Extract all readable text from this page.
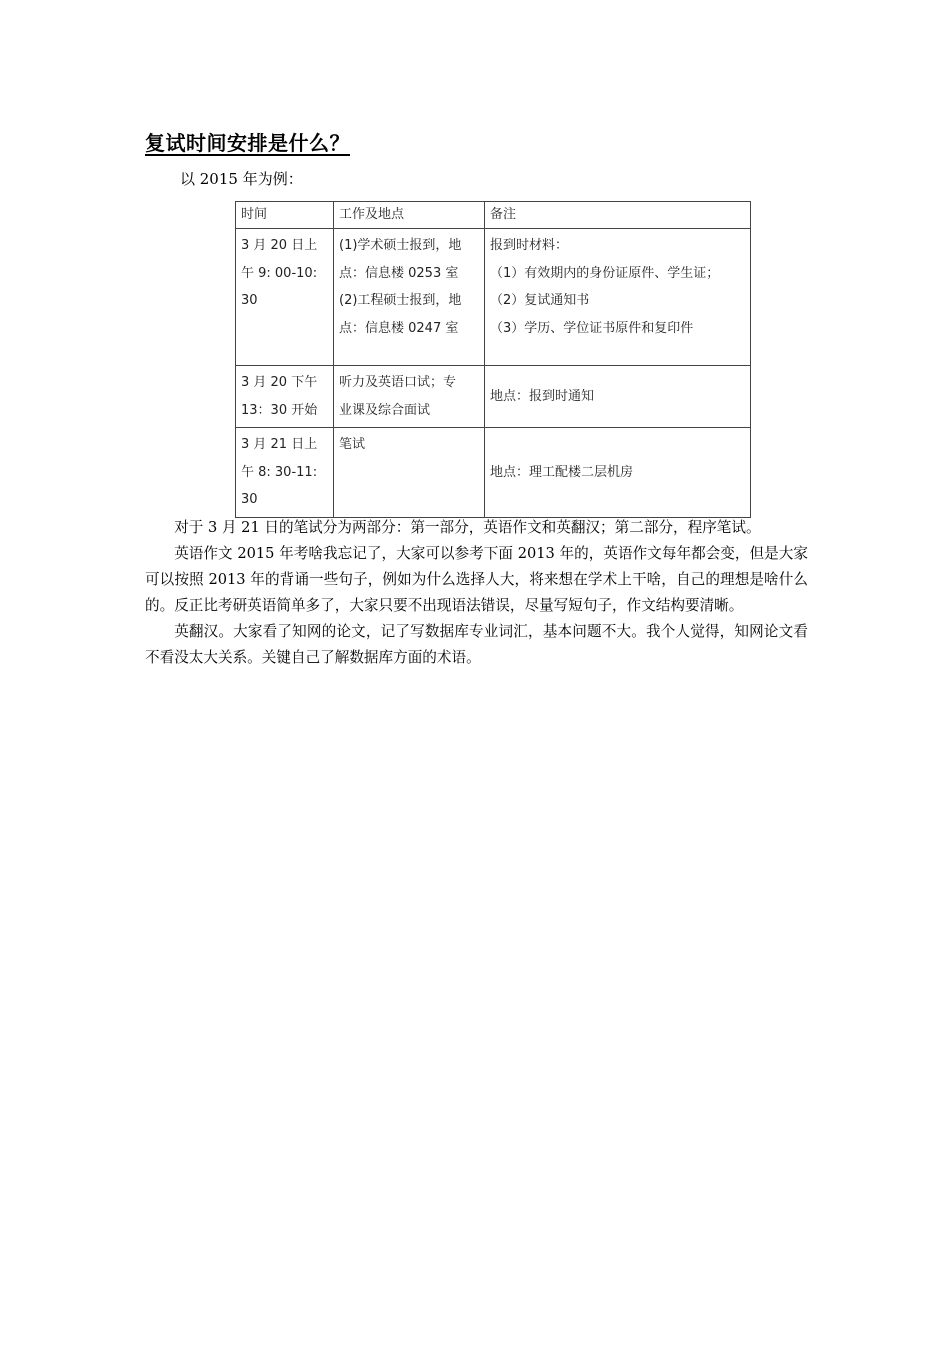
复试时间安排是什么？
以 2015 年为例：
时间	工作及地点	备注

3 月 20 日上
午 9: 00-10:
30	(1)学术硕士报到，地
点：信息楼 0253 室
(2)工程硕士报到，地
点：信息楼 0247 室	报到时材料：
（1）有效期内的身份证原件、学生证；
（2）复试通知书
（3）学历、学位证书原件和复印件

3 月 20 下午
13：30 开始	听力及英语口试；专
业课及综合面试	地点：报到时通知

3 月 21 日上
午 8: 30-11:
30	笔试	地点：理工配楼二层机房

对于 3 月 21 日的笔试分为两部分：第一部分，英语作文和英翻汉；第二部分，程序笔试。

英语作文 2015 年考啥我忘记了，大家可以参考下面 2013 年的，英语作文每年都会变，但是大家可以按照 2013 年的背诵一些句子，例如为什么选择人大，将来想在学术上干啥，自己的理想是啥什么的。反正比考研英语简单多了，大家只要不出现语法错误，尽量写短句子，作文结构要清晰。

英翻汉。大家看了知网的论文，记了写数据库专业词汇，基本问题不大。我个人觉得，知网论文看不看没太大关系。关键自己了解数据库方面的术语。
